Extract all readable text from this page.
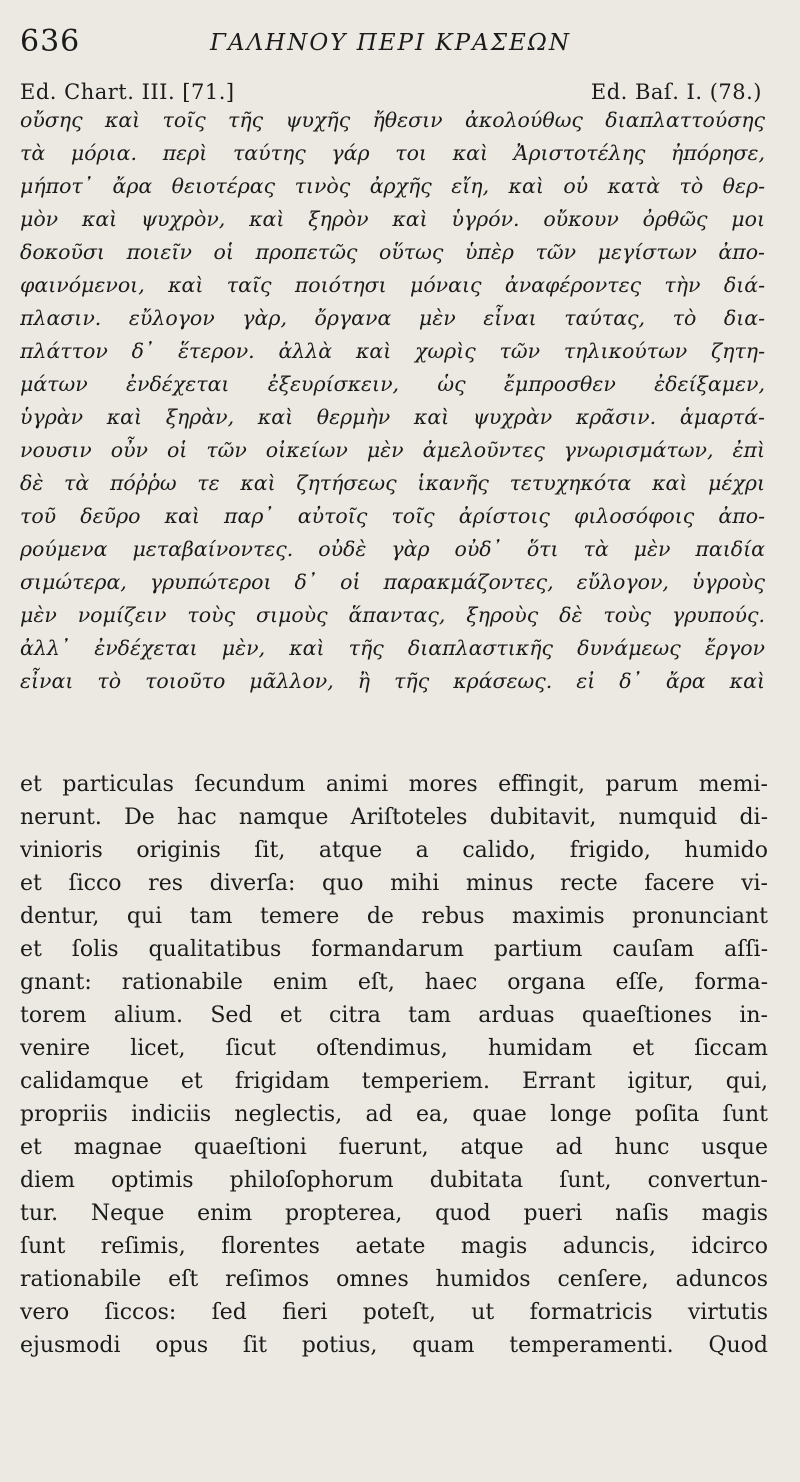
636	ΓΑΛΗΝΟΥ ΠΕΡΙ ΚΡΑΣΕΩΝ
Ed. Chart. III. [71.]	Ed. Baſ. I. (78.)
οὔσης καὶ τοῖς τῆς ψυχῆς ἤθεσιν ἀκολούθως διαπλαττούσης
τὰ μόρια. περὶ ταύτης γάρ τοι καὶ Ἀριστοτέλης ἠπόρησε,
μήποτ᾽ ἄρα θειοτέρας τινὸς ἀρχῆς εἴη, καὶ οὐ κατὰ τὸ θερ-
μὸν καὶ ψυχρὸν, καὶ ξηρὸν καὶ ὑγρόν. οὔκουν ὀρθῶς μοι
δοκοῦσι ποιεῖν οἱ προπετῶς οὕτως ὑπὲρ τῶν μεγίστων ἀπο-
φαινόμενοι, καὶ ταῖς ποιότησι μόναις ἀναφέροντες τὴν διά-
πλασιν. εὔλογον γὰρ, ὄργανα μὲν εἶναι ταύτας, τὸ δια-
πλάττον δ᾽ ἕτερον. ἀλλὰ καὶ χωρὶς τῶν τηλικούτων ζητη-
μάτων ἐνδέχεται ἐξευρίσκειν, ὡς ἔμπροσθεν ἐδείξαμεν,
ὑγρὰν καὶ ξηρὰν, καὶ θερμὴν καὶ ψυχρὰν κρᾶσιν. ἁμαρτά-
νουσιν οὖν οἱ τῶν οἰκείων μὲν ἀμελοῦντες γνωρισμάτων, ἐπὶ
δὲ τὰ πόῤῥω τε καὶ ζητήσεως ἱκανῆς τετυχηκότα καὶ μέχρι
τοῦ δεῦρο καὶ παρ᾽ αὐτοῖς τοῖς ἀρίστοις φιλοσόφοις ἀπο-
ρούμενα μεταβαίνοντες. οὐδὲ γὰρ οὐδ᾽ ὅτι τὰ μὲν παιδία
σιμώτερα, γρυπώτεροι δ᾽ οἱ παρακμάζοντες, εὔλογον, ὑγροὺς
μὲν νομίζειν τοὺς σιμοὺς ἅπαντας, ξηροὺς δὲ τοὺς γρυπούς.
ἀλλ᾽ ἐνδέχεται μὲν, καὶ τῆς διαπλαστικῆς δυνάμεως ἔργον
εἶναι τὸ τοιοῦτο μᾶλλον, ἢ τῆς κράσεως. εἰ δ᾽ ἄρα καὶ
et particulas ſecundum animi mores effingit, parum memi-
nerunt. De hac namque Ariſtoteles dubitavit, numquid di-
vinioris originis ſit, atque a calido, frigido, humido
et ſicco res diverſa: quo mihi minus recte facere vi-
dentur, qui tam temere de rebus maximis pronunciant
et ſolis qualitatibus formandarum partium cauſam aſſi-
gnant: rationabile enim eſt, haec organa eſſe, forma-
torem alium. Sed et citra tam arduas quaeſtiones in-
venire licet, ſicut oſtendimus, humidam et ſiccam
calidamque et frigidam temperiem. Errant igitur, qui,
propriis indiciis neglectis, ad ea, quae longe poſita ſunt
et magnae quaeſtioni fuerunt, atque ad hunc usque
diem optimis philoſophorum dubitata ſunt, convertun-
tur. Neque enim propterea, quod pueri naſis magis
ſunt reſimis, florentes aetate magis aduncis, idcirco
rationabile eſt reſimos omnes humidos cenſere, aduncos
vero ſiccos: ſed fieri poteſt, ut formatricis virtutis
ejusmodi opus ſit potius, quam temperamenti. Quod
